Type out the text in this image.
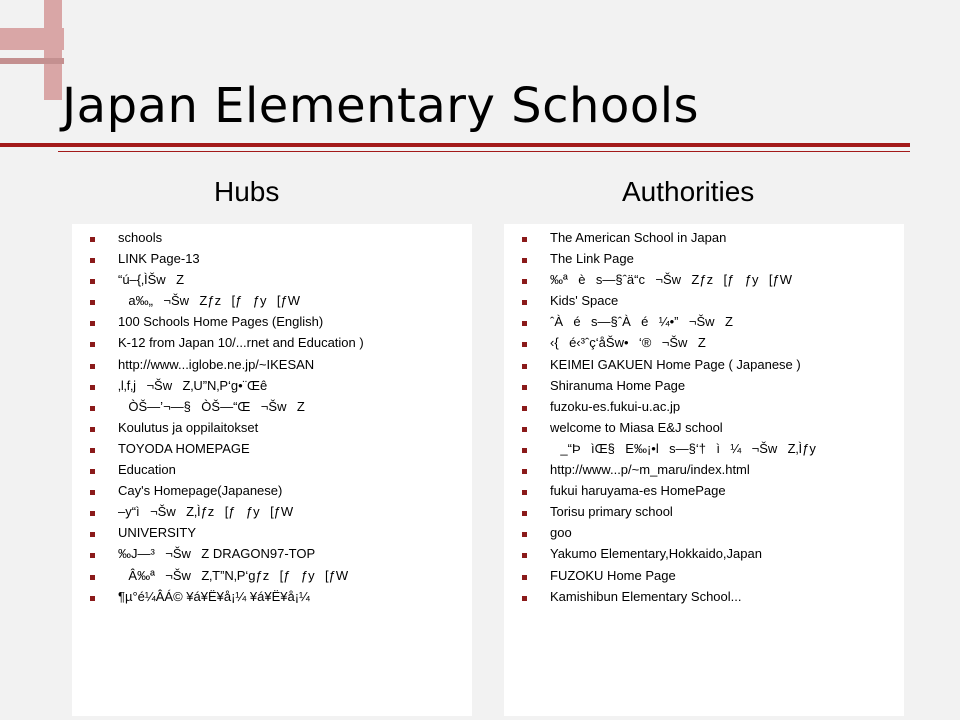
Japan Elementary Schools
Hubs	Authorities
schools
LINK Page-13
“ú–{‚ÌŠwZ
a‰„¬ŠwZƒz[ƒƒy[ƒW
100 Schools Home Pages (English)
K-12 from Japan 10/...rnet and Education )
http://www...iglobe.ne.jp/~IKESAN
‚l‚f‚j¬ŠwZ‚U”N‚P‘g•¨Œê
ÒŠ—’¬—§ÒŠ—“Œ¬ŠwZ
Koulutus ja oppilaitokset
TOYODA HOMEPAGE
Education
Cay's Homepage(Japanese)
–y“ì¬ŠwZ‚Ìƒz[ƒƒy[ƒW
UNIVERSITY
‰J—³¬ŠwZ DRAGON97-TOP
Â‰ª¬ŠwZ‚T”N‚P‘gƒz[ƒƒy[ƒW
¶µ°é¼ÂÁ© ¥á¥Ë¥å¡¼ ¥á¥Ë¥å¡¼
The American School in Japan
The Link Page
‰ªès—§ˆä“c¬ŠwZƒz[ƒƒy[ƒW
Kids' Space
ˆÀés—§ˆÀé¼•”¬ŠwZ
‹{é‹³ˆç‘åŠw•‘®¬ŠwZ
KEIMEI GAKUEN Home Page ( Japanese )
Shiranuma Home Page
fuzoku-es.fukui-u.ac.jp
welcome to Miasa E&J school
_“ÞìŒ§E‰¡•ls—§‘†ì¼¬ŠwZ‚Ìƒy
http://www...p/~m_maru/index.html
fukui haruyama-es HomePage
Torisu primary school
goo
Yakumo Elementary,Hokkaido,Japan
FUZOKU Home Page
Kamishibun Elementary School...
